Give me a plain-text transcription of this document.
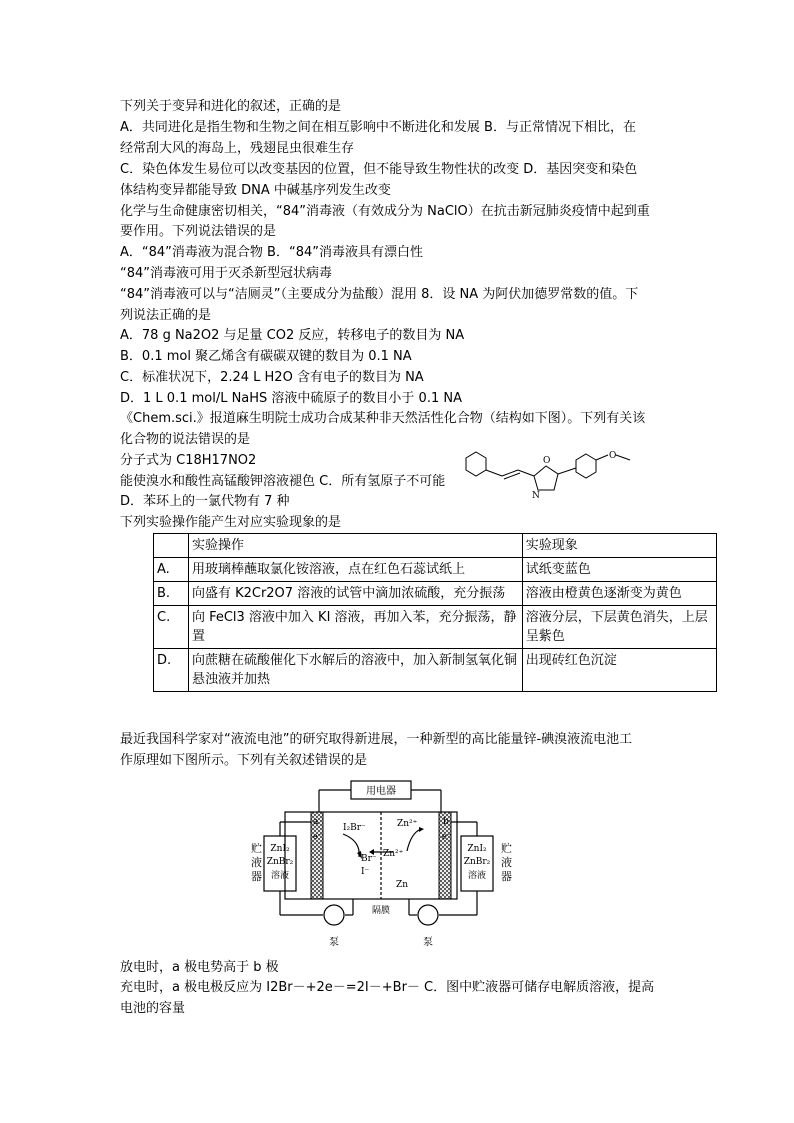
下列关于变异和进化的叙述，正确的是
A．共同进化是指生物和生物之间在相互影响中不断进化和发展 B．与正常情况下相比，在
经常刮大风的海岛上，残翅昆虫很难生存
C．染色体发生易位可以改变基因的位置，但不能导致生物性状的改变 D．基因突变和染色
体结构变异都能导致 DNA 中碱基序列发生改变
化学与生命健康密切相关，“84”消毒液（有效成分为 NaClO）在抗击新冠肺炎疫情中起到重
要作用。下列说法错误的是
A．“84”消毒液为混合物 B．“84”消毒液具有漂白性
“84”消毒液可用于灭杀新型冠状病毒
“84”消毒液可以与“洁厕灵”（主要成分为盐酸）混用 8．设 NA 为阿伏加德罗常数的值。下
列说法正确的是
A．78 g Na2O2 与足量 CO2 反应，转移电子的数目为 NA
B．0.1 mol 聚乙烯含有碳碳双键的数目为 0.1 NA
C．标准状况下，2.24 L H2O 含有电子的数目为 NA
D．1 L 0.1 mol/L NaHS 溶液中硫原子的数目小于 0.1 NA
《Chem.sci.》报道麻生明院士成功合成某种非天然活性化合物（结构如下图）。下列有关该
化合物的说法错误的是
分子式为 C18H17NO2
能使溴水和酸性高锰酸钾溶液褪色 C．所有氢原子不可能
D．苯环上的一氯代物有 7 种
下列实验操作能产生对应实验现象的是
O
N
O
	实验操作	实验现象
A.	用玻璃棒蘸取氯化铵溶液，点在红色石蕊试纸上	试纸变蓝色
B.	向盛有 K2Cr2O7 溶液的试管中滴加浓硫酸，充分振荡	溶液由橙黄色逐渐变为黄色
C.	向 FeCl3 溶液中加入 KI 溶液，再加入苯，充分振荡，静置	溶液分层，下层黄色消失，上层呈紫色
D.	向蔗糖在硫酸催化下水解后的溶液中，加入新制氢氧化铜悬浊液并加热	出现砖红色沉淀
最近我国科学家对“液流电池”的研究取得新进展，一种新型的高比能量锌-碘溴液流电池工
作原理如下图所示。下列有关叙述错误的是
用电器
贮
液
器
贮
液
器
ZnI₂
ZnBr₂
溶液
ZnI₂
ZnBr₂
溶液
a	b
e⁻	e⁻
I₂Br⁻
Br⁻
I⁻
Zn²⁺
Zn²⁺
Zn
隔膜
泵	泵
放电时，a 极电势高于 b 极
充电时，a 极电极反应为 I2Br－+2e－=2I－+Br－ C．图中贮液器可储存电解质溶液，提高
电池的容量
